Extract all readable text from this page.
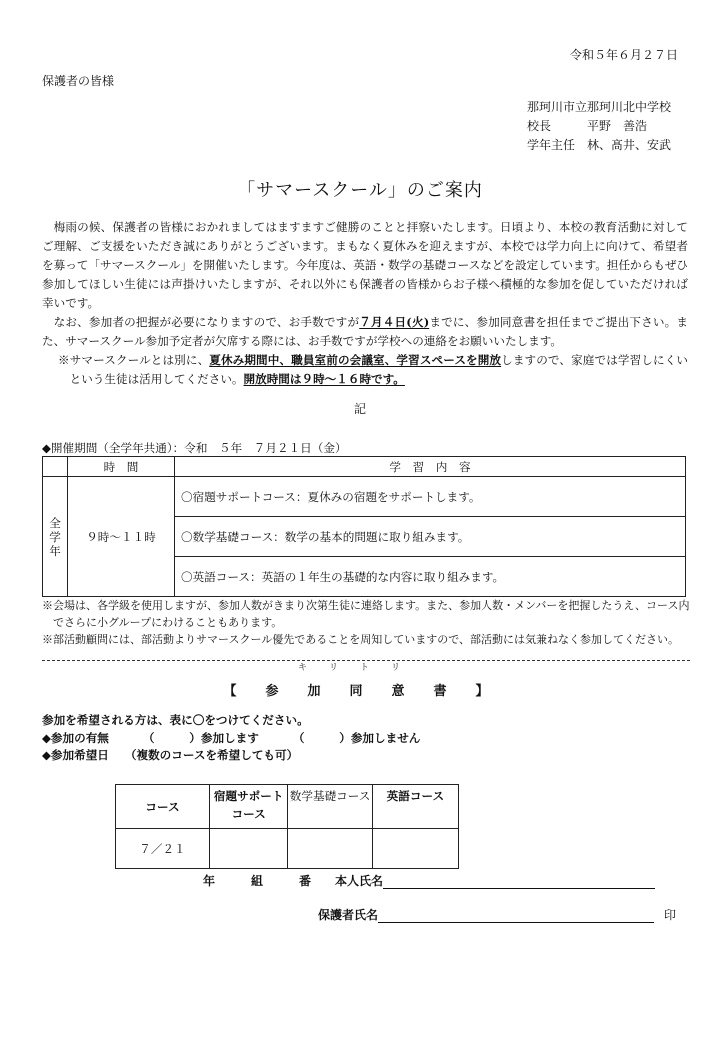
令和５年６月２７日
保護者の皆様
那珂川市立那珂川北中学校
校長　　　平野　善浩
学年主任　林、髙井、安武
「サマースクール」のご案内

梅雨の候、保護者の皆様におかれましてはますますご健勝のことと拝察いたします。日頃より、本校の教育活動に対してご理解、ご支援をいただき誠にありがとうございます。まもなく夏休みを迎えますが、本校では学力向上に向けて、希望者を募って「サマースクール」を開催いたします。今年度は、英語・数学の基礎コースなどを設定しています。担任からもぜひ参加してほしい生徒には声掛けいたしますが、それ以外にも保護者の皆様からお子様へ積極的な参加を促していただければ幸いです。

なお、参加者の把握が必要になりますので、お手数ですが７月４日(火)までに、参加同意書を担任までご提出下さい。また、サマースクール参加予定者が欠席する際には、お手数ですが学校への連絡をお願いいたします。

※サマースクールとは別に、夏休み期間中、職員室前の会議室、学習スペースを開放しますので、家庭では学習しにくいという生徒は活用してください。開放時間は９時～１６時です。

記
◆開催期間（全学年共通）：令和　５年　７月２１日（金）
	時　間	学　習　内　容
全学年	９時～１１時	〇宿題サポートコース：夏休みの宿題をサポートします。
		〇数学基礎コース：数学の基本的問題に取り組みます。
		〇英語コース：英語の１年生の基礎的な内容に取り組みます。

※会場は、各学級を使用しますが、参加人数がきまり次第生徒に連絡します。また、参加人数・メンバーを把握したうえ、コース内でさらに小グループにわけることもあります。

※部活動顧問には、部活動よりサマースクール優先であることを周知していますので、部活動には気兼ねなく参加してください。

キリトリ
【　参　加　同　意　書　】
参加を希望される方は、表に〇をつけてください。
◆参加の有無	（　　　）参加します	（　　　）参加しません
◆参加希望日 （複数のコースを希望しても可）
コース	宿題サポートコース	数学基礎コース	英語コース
７／２１			
年　　　組　　　番　　本人氏名
保護者氏名	印
